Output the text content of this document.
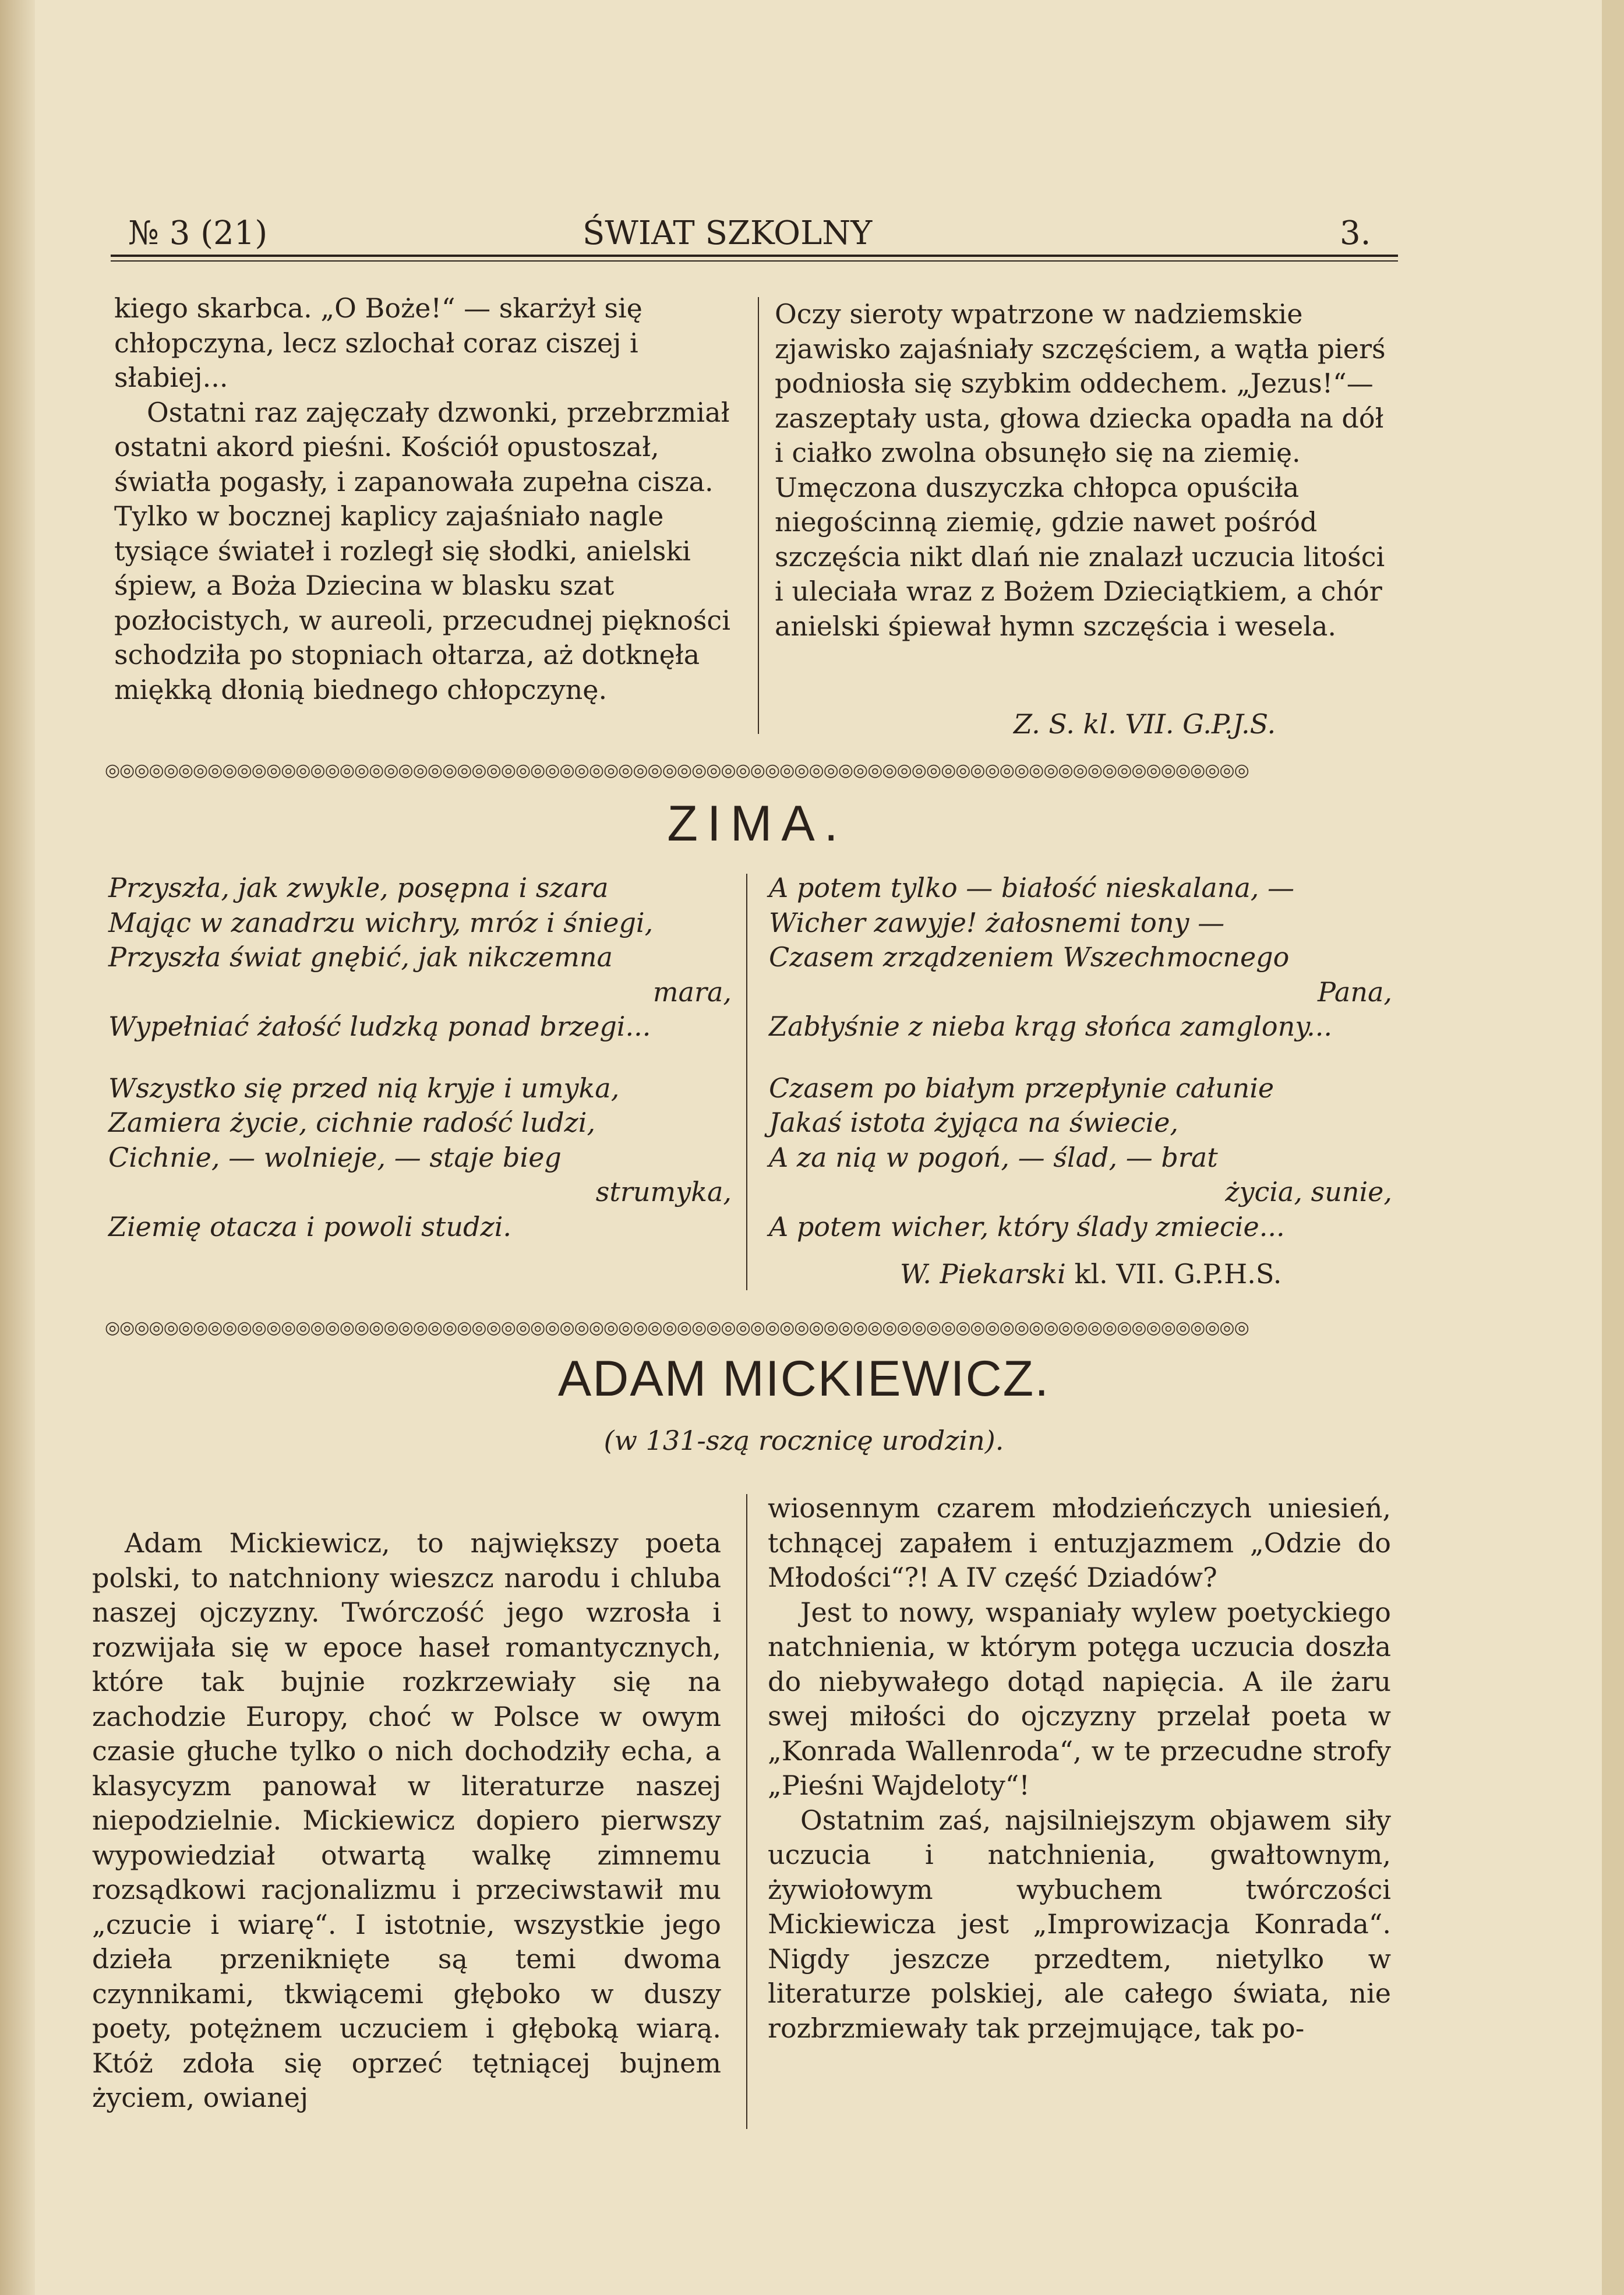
№ 3 (21)	ŚWIAT SZKOLNY	3.

kiego skarbca. „O Boże!“ — skarżył się chłopczyna, lecz szlochał coraz ciszej i słabiej...

Ostatni raz zajęczały dzwonki, przebrzmiał ostatni akord pieśni. Kościół opustoszał, światła pogasły, i zapanowała zupełna cisza. Tylko w bocznej kaplicy zajaśniało nagle tysiące świateł i rozległ się słodki, anielski śpiew, a Boża Dziecina w blasku szat pozłocistych, w aureoli, przecudnej piękności schodziła po stopniach ołtarza, aż dotknęła miękką dłonią biednego chłopczynę.

Oczy sieroty wpatrzone w nadziemskie zjawisko zajaśniały szczęściem, a wątła pierś podniosła się szybkim oddechem. „Jezus!“— zaszeptały usta, głowa dziecka opadła na dół i ciałko zwolna obsunęło się na ziemię. Umęczona duszyczka chłopca opuściła niegościnną ziemię, gdzie nawet pośród szczęścia nikt dlań nie znalazł uczucia litości i uleciała wraz z Bożem Dzieciątkiem, a chór anielski śpiewał hymn szczęścia i wesela.

Z. S. kl. VII. G.P.J.S.
◎◎◎◎◎◎◎◎◎◎◎◎◎◎◎◎◎◎◎◎◎◎◎◎◎◎◎◎◎◎◎◎◎◎◎◎◎◎◎◎◎◎◎◎◎◎◎◎◎◎◎◎◎◎◎◎◎◎◎◎◎◎◎◎◎◎◎◎◎◎◎◎◎◎◎◎◎◎
ZIMA.
Przyszła, jak zwykle, posępna i szara
Mając w zanadrzu wichry, mróz i śniegi,
Przyszła świat gnębić, jak nikczemna
mara,
Wypełniać żałość ludzką ponad brzegi...
Wszystko się przed nią kryje i umyka,
Zamiera życie, cichnie radość ludzi,
Cichnie, — wolnieje, — staje bieg
strumyka,
Ziemię otacza i powoli studzi.
A potem tylko — białość nieskalana, —
Wicher zawyje! żałosnemi tony —
Czasem zrządzeniem Wszechmocnego
Pana,
Zabłyśnie z nieba krąg słońca zamglony...
Czasem po białym przepłynie całunie
Jakaś istota żyjąca na świecie,
A za nią w pogoń, — ślad, — brat
życia, sunie,
A potem wicher, który ślady zmiecie...
W. Piekarski kl. VII. G.P.H.S.
◎◎◎◎◎◎◎◎◎◎◎◎◎◎◎◎◎◎◎◎◎◎◎◎◎◎◎◎◎◎◎◎◎◎◎◎◎◎◎◎◎◎◎◎◎◎◎◎◎◎◎◎◎◎◎◎◎◎◎◎◎◎◎◎◎◎◎◎◎◎◎◎◎◎◎◎◎◎
ADAM MICKIEWICZ.
(w 131-szą rocznicę urodzin).

Adam Mickiewicz, to największy poeta polski, to natchniony wieszcz narodu i chluba naszej ojczyzny. Twórczość jego wzrosła i rozwijała się w epoce haseł romantycznych, które tak bujnie rozkrzewiały się na zachodzie Europy, choć w Polsce w owym czasie głuche tylko o nich dochodziły echa, a klasycyzm panował w literaturze naszej niepodzielnie. Mickiewicz dopiero pierwszy wypowiedział otwartą walkę zimnemu rozsądkowi racjonalizmu i przeciwstawił mu „czucie i wiarę“. I istotnie, wszystkie jego dzieła przeniknięte są temi dwoma czynnikami, tkwiącemi głęboko w duszy poety, potężnem uczuciem i głęboką wiarą. Któż zdoła się oprzeć tętniącej bujnem życiem, owianej

wiosennym czarem młodzieńczych uniesień, tchnącej zapałem i entuzjazmem „Odzie do Młodości“?! A IV część Dziadów?

Jest to nowy, wspaniały wylew poetyckiego natchnienia, w którym potęga uczucia doszła do niebywałego dotąd napięcia. A ile żaru swej miłości do ojczyzny przelał poeta w „Konrada Wallenroda“, w te przecudne strofy „Pieśni Wajdeloty“!

Ostatnim zaś, najsilniejszym objawem siły uczucia i natchnienia, gwałtownym, żywiołowym wybuchem twórczości Mickiewicza jest „Improwizacja Konrada“. Nigdy jeszcze przedtem, nietylko w literaturze polskiej, ale całego świata, nie rozbrzmiewały tak przejmujące, tak po-
